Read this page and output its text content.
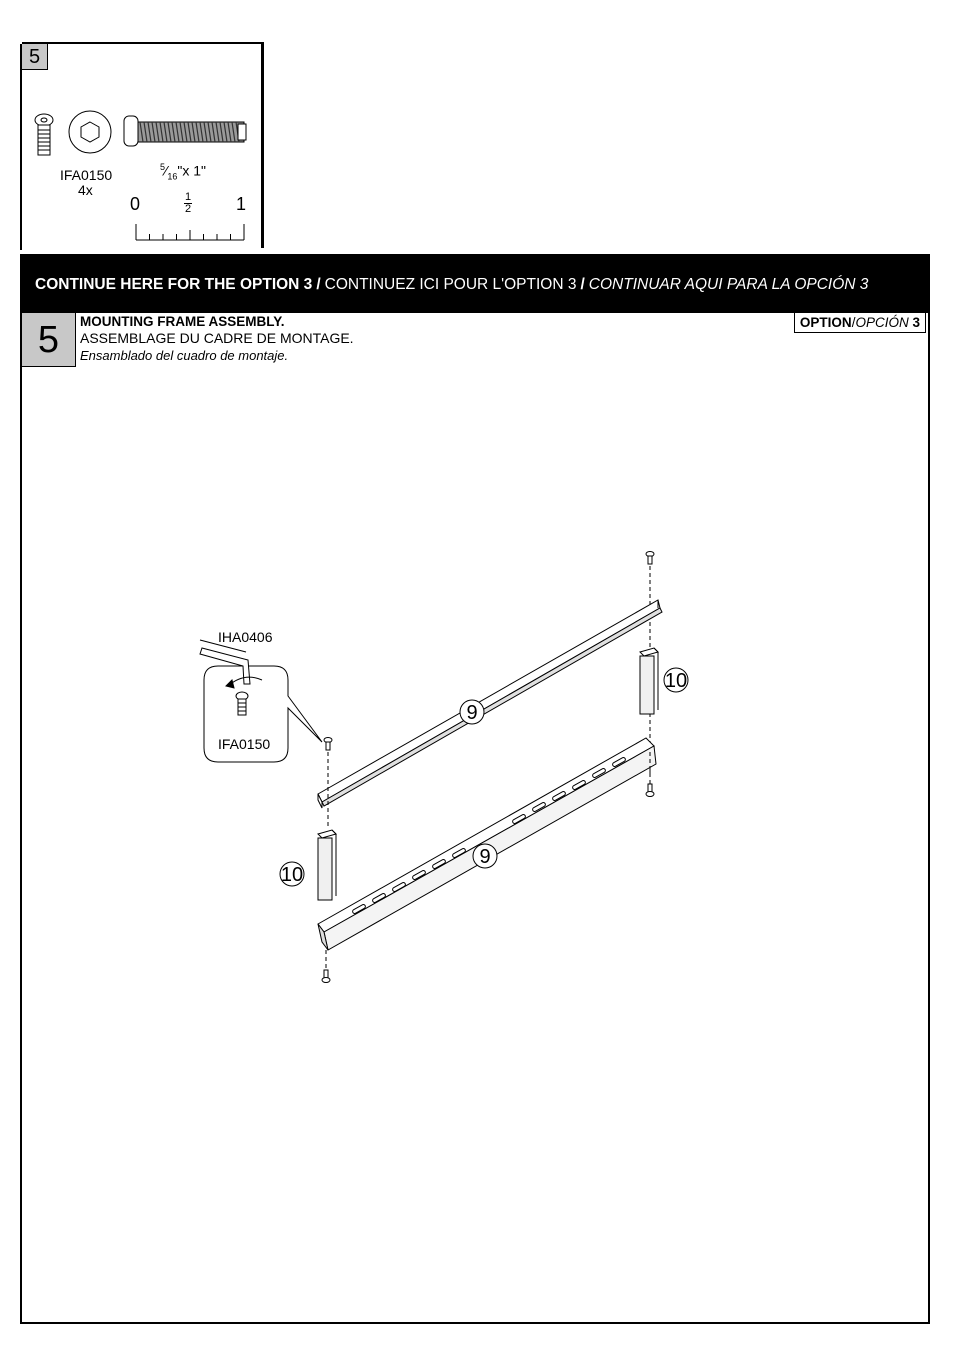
5
IFA0150
4x
$^5⁄_{16}"x$ 1"
0	1
2 1
CONTINUE HERE FOR THE OPTION 3 / CONTINUEZ ICI POUR L'OPTION 3 / CONTINUAR AQUI PARA LA OPCIÓN 3
5	MOUNTING FRAME ASSEMBLY.
ASSEMBLAGE DU CADRE DE MONTAGE.
Ensamblado del cuadro de montaje.
OPTION/OPCIÓN 3
9
10
9
10
IHA0406
IFA0150
